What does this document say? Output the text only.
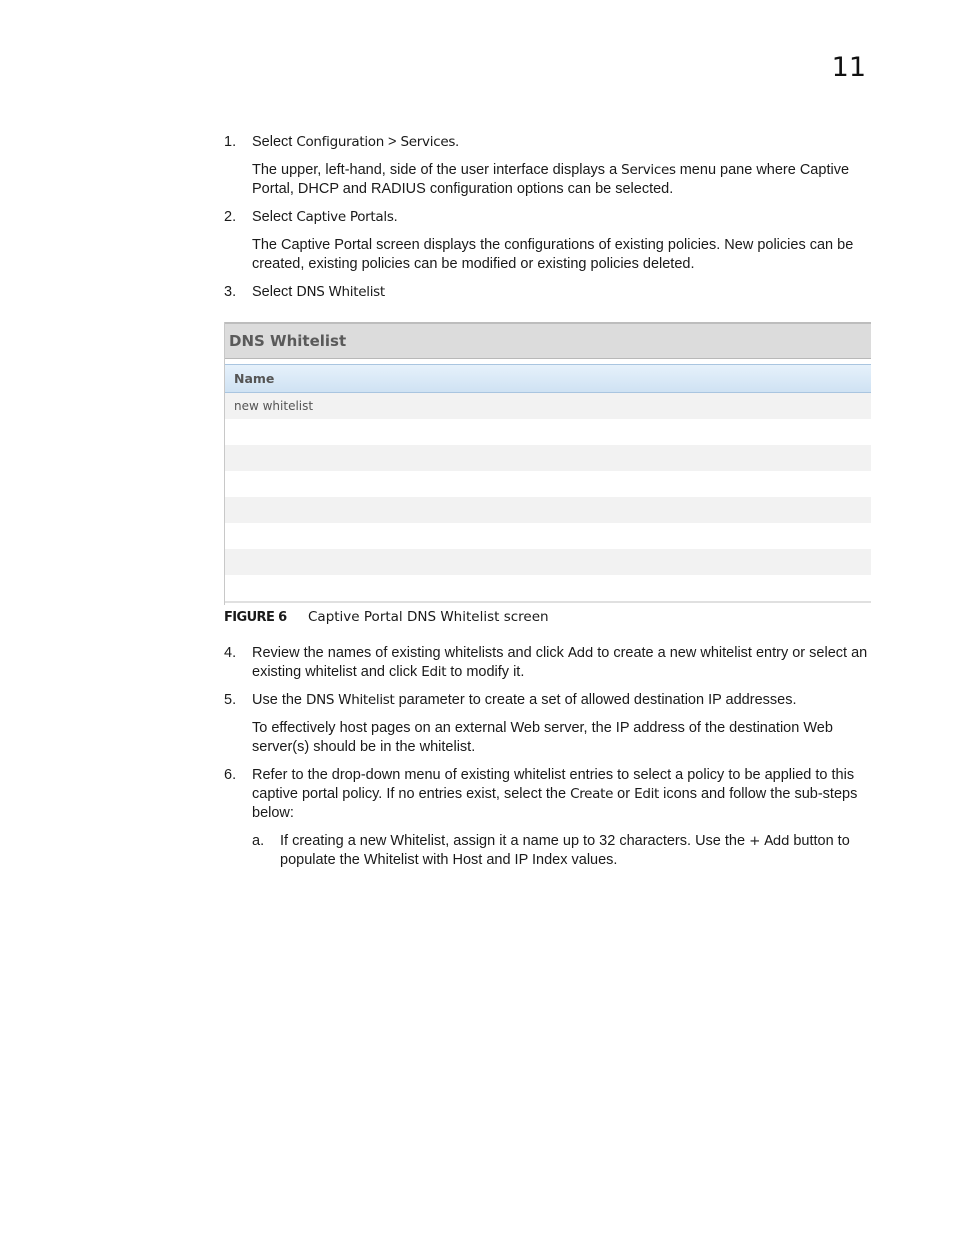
11
1. Select Configuration > Services.

The upper, left-hand, side of the user interface displays a Services menu pane where Captive Portal, DHCP and RADIUS configuration options can be selected.

2. Select Captive Portals.

The Captive Portal screen displays the configurations of existing policies. New policies can be created, existing policies can be modified or existing policies deleted.

3. Select DNS Whitelist

DNS Whitelist
Name
new whitelist
FIGURE 6 Captive Portal DNS Whitelist screen
4. Review the names of existing whitelists and click Add to create a new whitelist entry or select an existing whitelist and click Edit to modify it.

5. Use the DNS Whitelist parameter to create a set of allowed destination IP addresses.

To effectively host pages on an external Web server, the IP address of the destination Web server(s) should be in the whitelist.

6. Refer to the drop-down menu of existing whitelist entries to select a policy to be applied to this captive portal policy. If no entries exist, select the Create or Edit icons and follow the sub-steps below:

a. If creating a new Whitelist, assign it a name up to 32 characters. Use the + Add button to populate the Whitelist with Host and IP Index values.
